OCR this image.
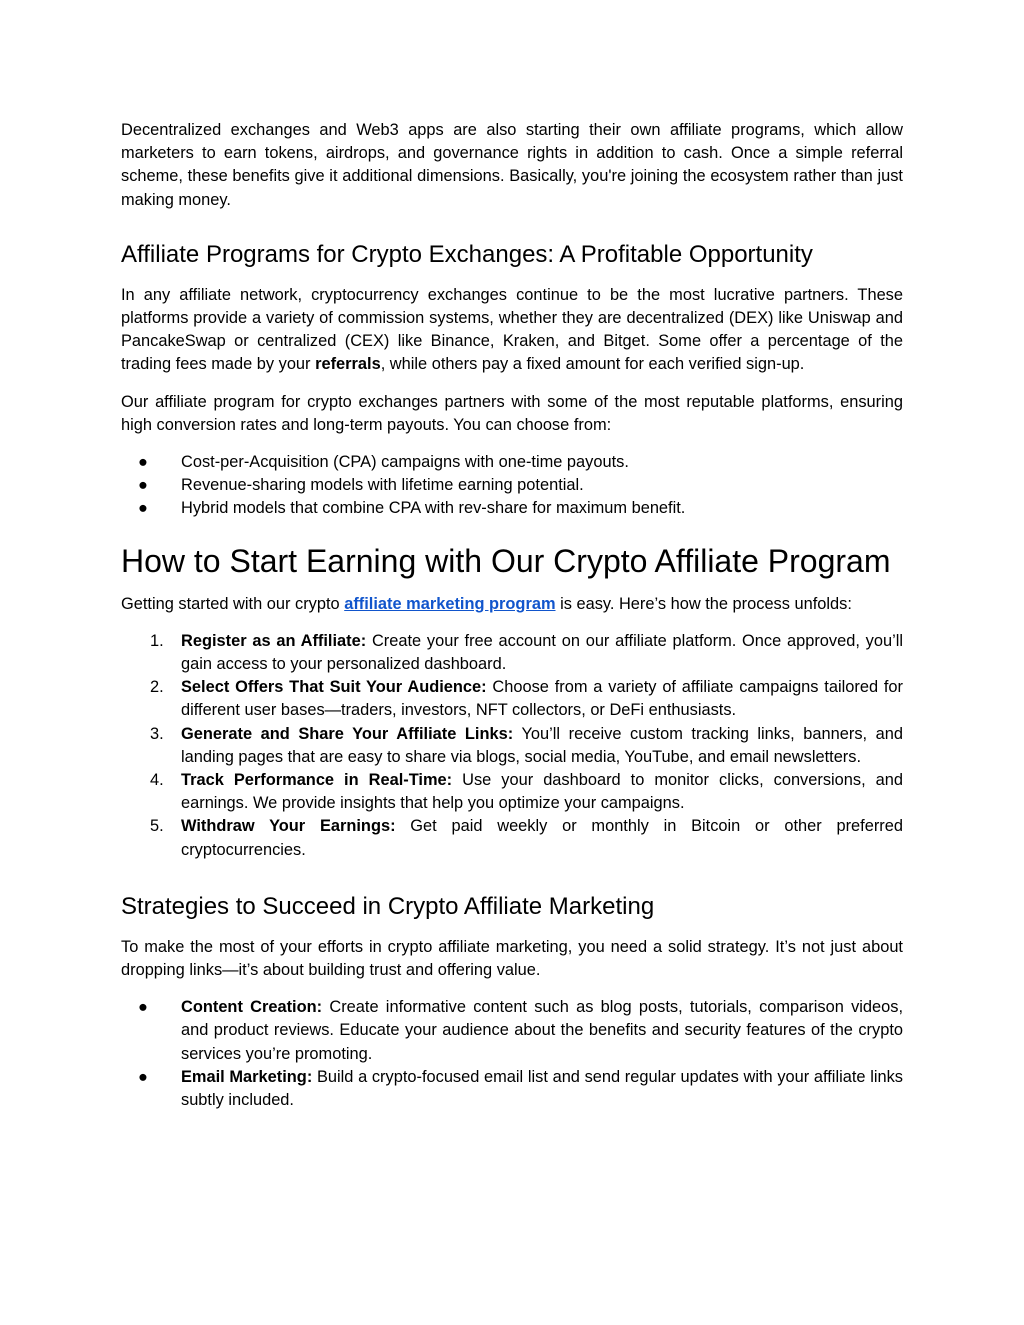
Decentralized exchanges and Web3 apps are also starting their own affiliate programs, which allow marketers to earn tokens, airdrops, and governance rights in addition to cash. Once a simple referral scheme, these benefits give it additional dimensions. Basically, you're joining the ecosystem rather than just making money.

Affiliate Programs for Crypto Exchanges: A Profitable Opportunity

In any affiliate network, cryptocurrency exchanges continue to be the most lucrative partners. These platforms provide a variety of commission systems, whether they are decentralized (DEX) like Uniswap and PancakeSwap or centralized (CEX) like Binance, Kraken, and Bitget. Some offer a percentage of the trading fees made by your referrals, while others pay a fixed amount for each verified sign-up.

Our affiliate program for crypto exchanges partners with some of the most reputable platforms, ensuring high conversion rates and long-term payouts. You can choose from:

●	Cost-per-Acquisition (CPA) campaigns with one-time payouts.
●	Revenue-sharing models with lifetime earning potential.
●	Hybrid models that combine CPA with rev-share for maximum benefit.
How to Start Earning with Our Crypto Affiliate Program

Getting started with our crypto affiliate marketing program is easy. Here’s how the process unfolds:

1.	Register as an Affiliate: Create your free account on our affiliate platform. Once approved, you’ll gain access to your personalized dashboard.
2.	Select Offers That Suit Your Audience: Choose from a variety of affiliate campaigns tailored for different user bases—traders, investors, NFT collectors, or DeFi enthusiasts.
3.	Generate and Share Your Affiliate Links: You’ll receive custom tracking links, banners, and landing pages that are easy to share via blogs, social media, YouTube, and email newsletters.
4.	Track Performance in Real-Time: Use your dashboard to monitor clicks, conversions, and earnings. We provide insights that help you optimize your campaigns.
5.	Withdraw Your Earnings: Get paid weekly or monthly in Bitcoin or other preferred cryptocurrencies.
Strategies to Succeed in Crypto Affiliate Marketing

To make the most of your efforts in crypto affiliate marketing, you need a solid strategy. It’s not just about dropping links—it’s about building trust and offering value.

●	Content Creation: Create informative content such as blog posts, tutorials, comparison videos, and product reviews. Educate your audience about the benefits and security features of the crypto services you’re promoting.
●	Email Marketing: Build a crypto-focused email list and send regular updates with your affiliate links subtly included.
